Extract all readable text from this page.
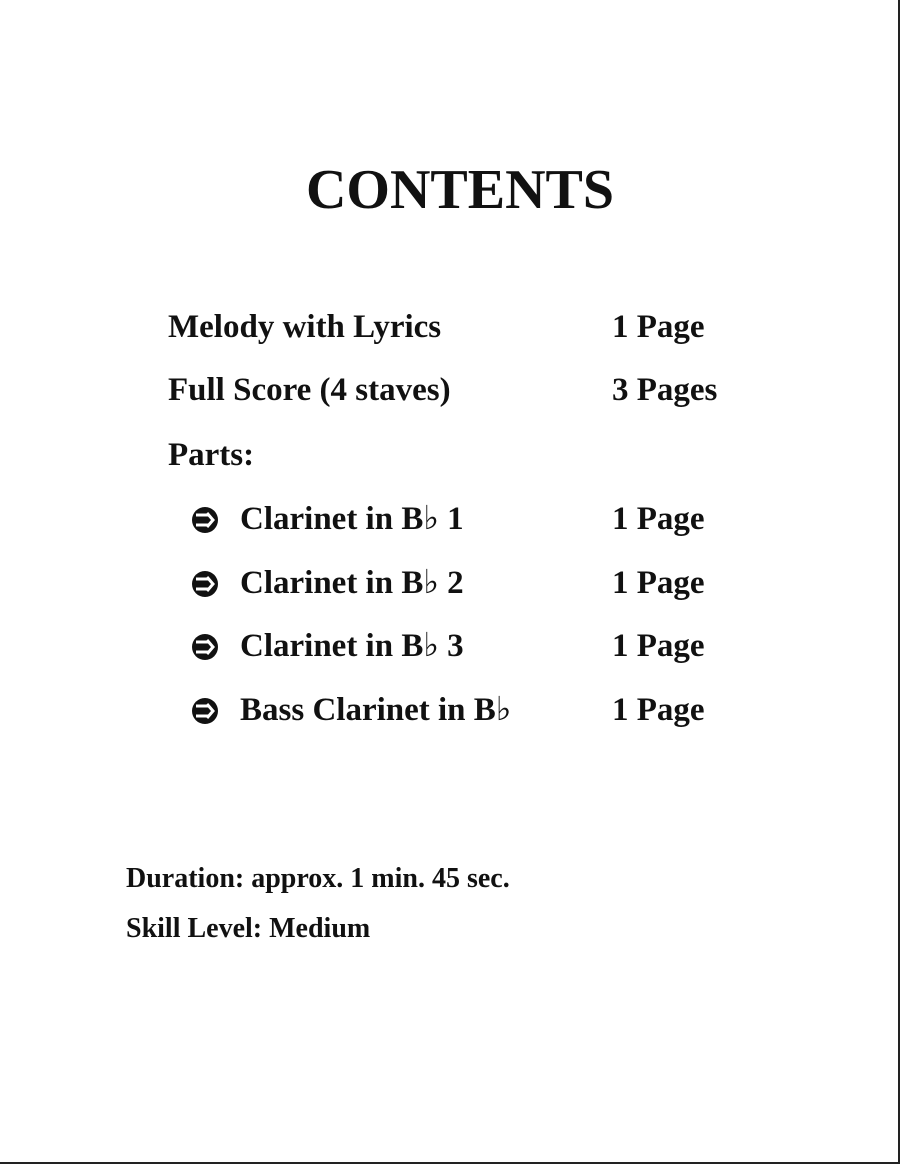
CONTENTS
Melody with Lyrics	1 Page
Full Score (4 staves)	3 Pages
Parts:
Clarinet in B♭ 1	1 Page
Clarinet in B♭ 2	1 Page
Clarinet in B♭ 3	1 Page
Bass Clarinet in B♭	1 Page
Duration: approx. 1 min. 45 sec.
Skill Level: Medium
